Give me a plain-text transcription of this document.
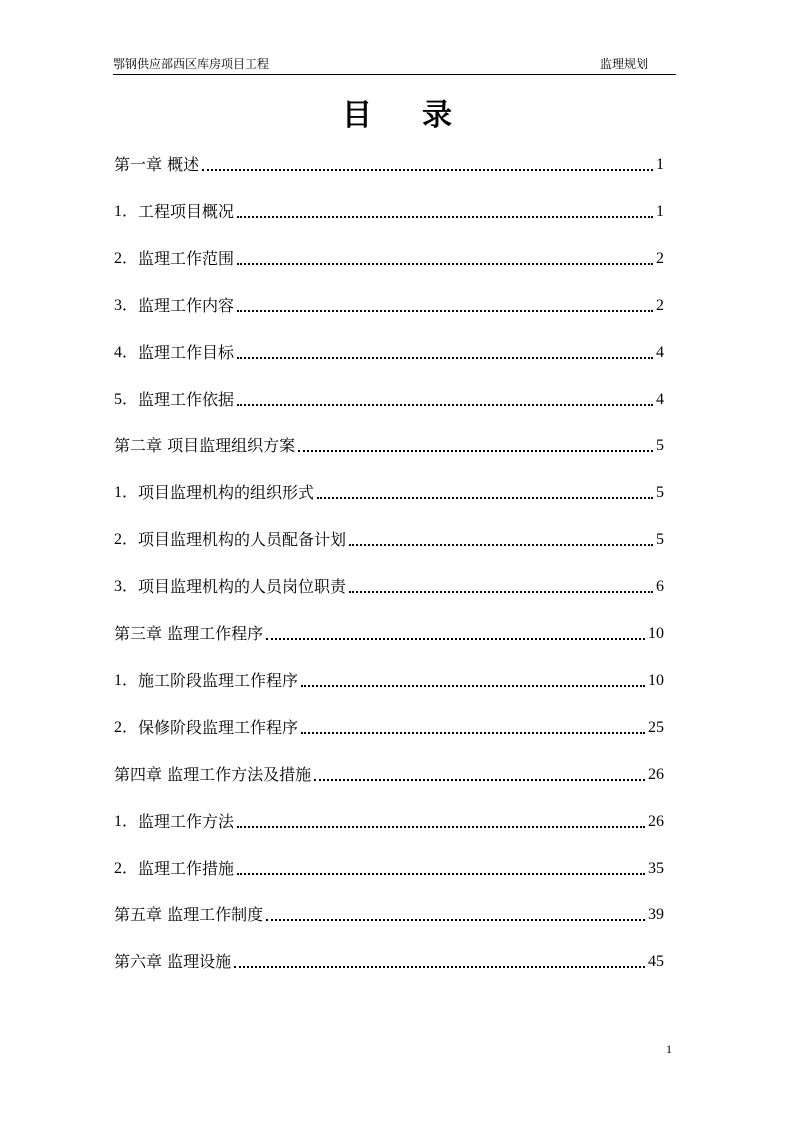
鄂钢供应部西区库房项目工程	监理规划
目 录
第一章 概述	1
1． 工程项目概况	1
2． 监理工作范围	2
3． 监理工作内容	2
4． 监理工作目标	4
5． 监理工作依据	4
第二章 项目监理组织方案	5
1． 项目监理机构的组织形式	5
2． 项目监理机构的人员配备计划	5
3． 项目监理机构的人员岗位职责	6
第三章 监理工作程序	10
1． 施工阶段监理工作程序	10
2． 保修阶段监理工作程序	25
第四章 监理工作方法及措施	26
1． 监理工作方法	26
2． 监理工作措施	35
第五章 监理工作制度	39
第六章 监理设施	45
1
